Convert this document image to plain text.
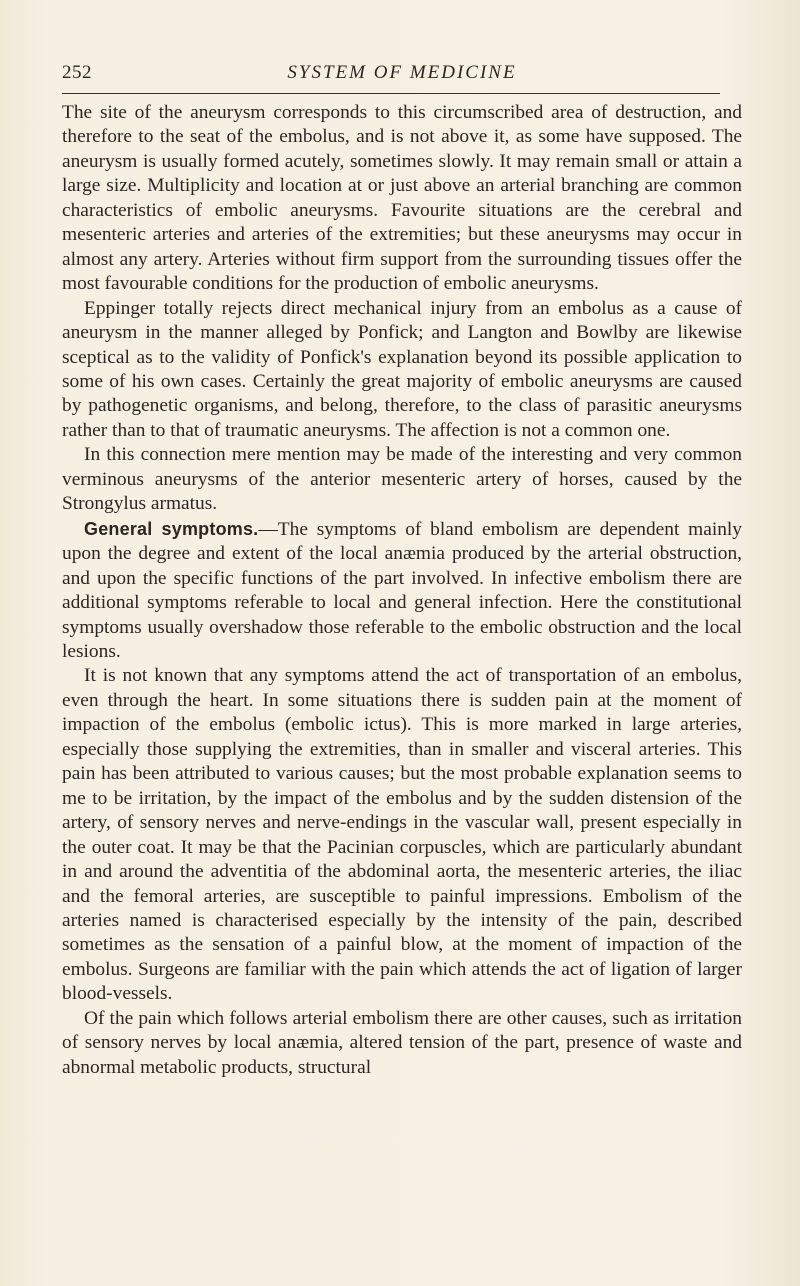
252	SYSTEM OF MEDICINE

The site of the aneurysm corresponds to this circumscribed area of destruction, and therefore to the seat of the embolus, and is not above it, as some have supposed. The aneurysm is usually formed acutely, sometimes slowly. It may remain small or attain a large size. Multiplicity and location at or just above an arterial branching are common characteristics of embolic aneurysms. Favourite situations are the cerebral and mesenteric arteries and arteries of the extremities; but these aneurysms may occur in almost any artery. Arteries without firm support from the surrounding tissues offer the most favourable conditions for the production of embolic aneurysms.

Eppinger totally rejects direct mechanical injury from an embolus as a cause of aneurysm in the manner alleged by Ponfick; and Langton and Bowlby are likewise sceptical as to the validity of Ponfick's explanation beyond its possible application to some of his own cases. Certainly the great majority of embolic aneurysms are caused by pathogenetic organisms, and belong, therefore, to the class of parasitic aneurysms rather than to that of traumatic aneurysms. The affection is not a common one.

In this connection mere mention may be made of the interesting and very common verminous aneurysms of the anterior mesenteric artery of horses, caused by the Strongylus armatus.

General symptoms.—The symptoms of bland embolism are dependent mainly upon the degree and extent of the local anæmia produced by the arterial obstruction, and upon the specific functions of the part involved. In infective embolism there are additional symptoms referable to local and general infection. Here the constitutional symptoms usually overshadow those referable to the embolic obstruction and the local lesions.

It is not known that any symptoms attend the act of transportation of an embolus, even through the heart. In some situations there is sudden pain at the moment of impaction of the embolus (embolic ictus). This is more marked in large arteries, especially those supplying the extremities, than in smaller and visceral arteries. This pain has been attributed to various causes; but the most probable explanation seems to me to be irritation, by the impact of the embolus and by the sudden distension of the artery, of sensory nerves and nerve-endings in the vascular wall, present especially in the outer coat. It may be that the Pacinian corpuscles, which are particularly abundant in and around the adventitia of the abdominal aorta, the mesenteric arteries, the iliac and the femoral arteries, are susceptible to painful impressions. Embolism of the arteries named is characterised especially by the intensity of the pain, described sometimes as the sensation of a painful blow, at the moment of impaction of the embolus. Surgeons are familiar with the pain which attends the act of ligation of larger blood-vessels.

Of the pain which follows arterial embolism there are other causes, such as irritation of sensory nerves by local anæmia, altered tension of the part, presence of waste and abnormal metabolic products, structural
